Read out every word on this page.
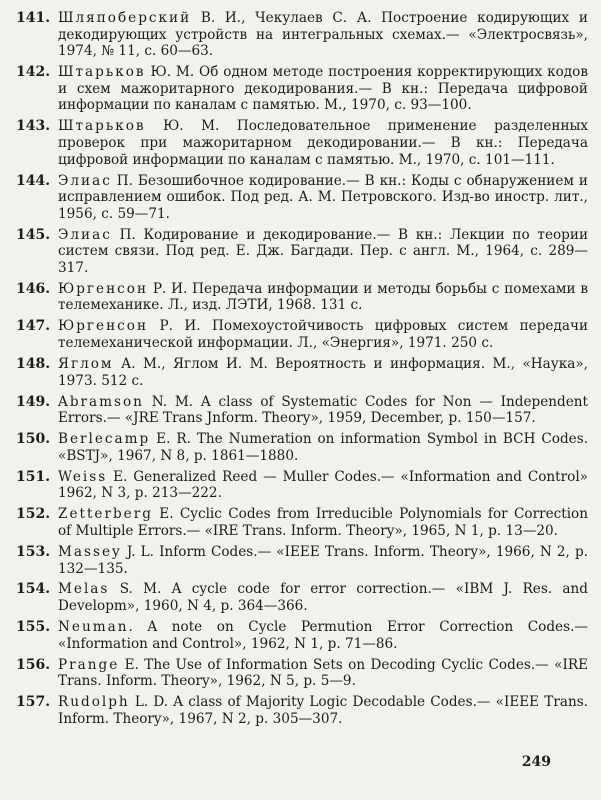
141. Шляпоберский В. И., Чекулаев С. А. Построение кодирующих и декодирующих устройств на интегральных схемах.— «Электросвязь», 1974, № 11, с. 60—63.
142. Штарьков Ю. М. Об одном методе построения корректирующих кодов и схем мажоритарного декодирования.— В кн.: Передача цифровой информации по каналам с памятью. М., 1970, с. 93—100.
143. Штарьков Ю. М. Последовательное применение разделенных проверок при мажоритарном декодировании.— В кн.: Передача цифровой информации по каналам с памятью. М., 1970, с. 101—111.
144. Элиас П. Безошибочное кодирование.— В кн.: Коды с обнаружением и исправлением ошибок. Под ред. А. М. Петровского. Изд-во иностр. лит., 1956, с. 59—71.
145. Элиас П. Кодирование и декодирование.— В кн.: Лекции по теории систем связи. Под ред. Е. Дж. Багдади. Пер. с англ. М., 1964, с. 289—317.
146. Юргенсон Р. И. Передача информации и методы борьбы с помехами в телемеханике. Л., изд. ЛЭТИ, 1968. 131 с.
147. Юргенсон Р. И. Помехоустойчивость цифровых систем передачи телемеханической информации. Л., «Энергия», 1971. 250 с.
148. Яглом А. М., Яглом И. М. Вероятность и информация. М., «Наука», 1973. 512 с.
149. Abramson N. M. A class of Systematic Codes for Non — Independent Errors.— «JRE Trans Jnform. Theory», 1959, December, p. 150—157.
150. Berlecamp E. R. The Numeration on information Symbol in BCH Codes. «BSTJ», 1967, N 8, p. 1861—1880.
151. Weiss E. Generalized Reed — Muller Codes.— «Information and Control» 1962, N 3, p. 213—222.
152. Zetterberg E. Cyclic Codes from Irreducible Polynomials for Correction of Multiple Errors.— «IRE Trans. Inform. Theory», 1965, N 1, p. 13—20.
153. Massey J. L. Inform Codes.— «IEEE Trans. Inform. Theory», 1966, N 2, p. 132—135.
154. Melas S. M. A cycle code for error correction.— «IBM J. Res. and Developm», 1960, N 4, p. 364—366.
155. Neuman. A note on Cycle Permution Error Correction Codes.— «Information and Control», 1962, N 1, p. 71—86.
156. Prange E. The Use of Information Sets on Decoding Cyclic Codes.— «IRE Trans. Inform. Theory», 1962, N 5, p. 5—9.
157. Rudolph L. D. A class of Majority Logic Decodable Codes.— «IEEE Trans. Inform. Theory», 1967, N 2, p. 305—307.
249
